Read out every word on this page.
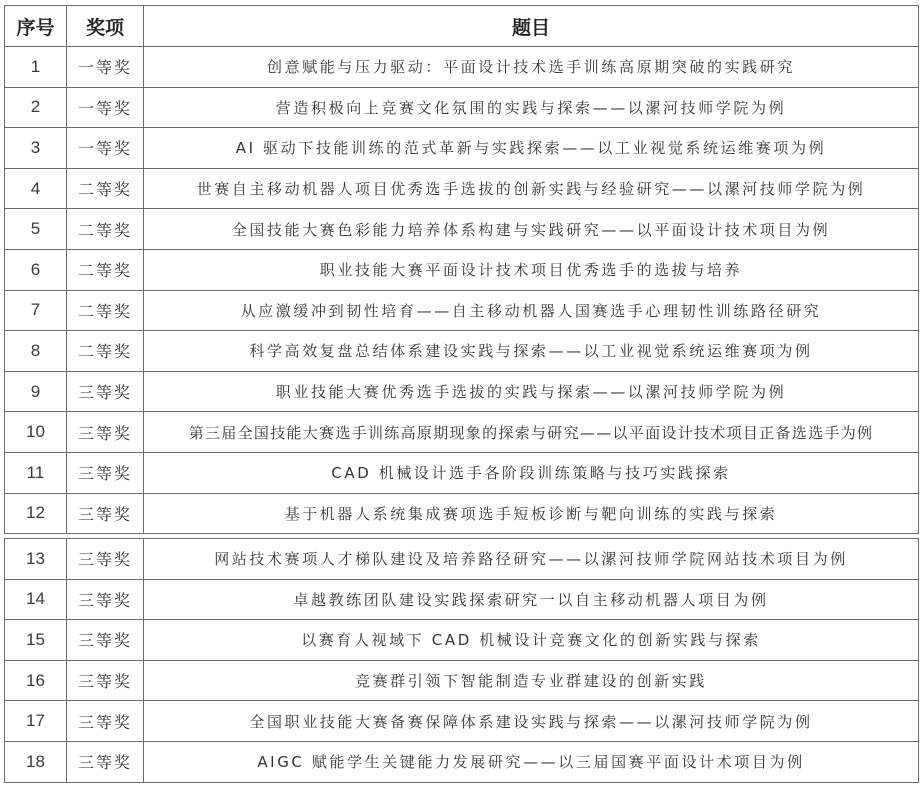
序号	奖项	题目
1	一等奖	创意赋能与压力驱动：平面设计技术选手训练高原期突破的实践研究
2	一等奖	营造积极向上竞赛文化氛围的实践与探索——以漯河技师学院为例
3	一等奖	AI 驱动下技能训练的范式革新与实践探索——以工业视觉系统运维赛项为例
4	二等奖	世赛自主移动机器人项目优秀选手选拔的创新实践与经验研究——以漯河技师学院为例
5	二等奖	全国技能大赛色彩能力培养体系构建与实践研究——以平面设计技术项目为例
6	二等奖	职业技能大赛平面设计技术项目优秀选手的选拔与培养
7	二等奖	从应激缓冲到韧性培育——自主移动机器人国赛选手心理韧性训练路径研究
8	二等奖	科学高效复盘总结体系建设实践与探索——以工业视觉系统运维赛项为例
9	三等奖	职业技能大赛优秀选手选拔的实践与探索——以漯河技师学院为例
10	三等奖	第三届全国技能大赛选手训练高原期现象的探索与研究——以平面设计技术项目正备选选手为例
11	三等奖	CAD 机械设计选手各阶段训练策略与技巧实践探索
12	三等奖	基于机器人系统集成赛项选手短板诊断与靶向训练的实践与探索
13	三等奖	网站技术赛项人才梯队建设及培养路径研究——以漯河技师学院网站技术项目为例
14	三等奖	卓越教练团队建设实践探索研究一以自主移动机器人项目为例
15	三等奖	以赛育人视域下 CAD 机械设计竞赛文化的创新实践与探索
16	三等奖	竞赛群引领下智能制造专业群建设的创新实践
17	三等奖	全国职业技能大赛备赛保障体系建设实践与探索——以漯河技师学院为例
18	三等奖	AIGC 赋能学生关键能力发展研究——以三届国赛平面设计术项目为例
